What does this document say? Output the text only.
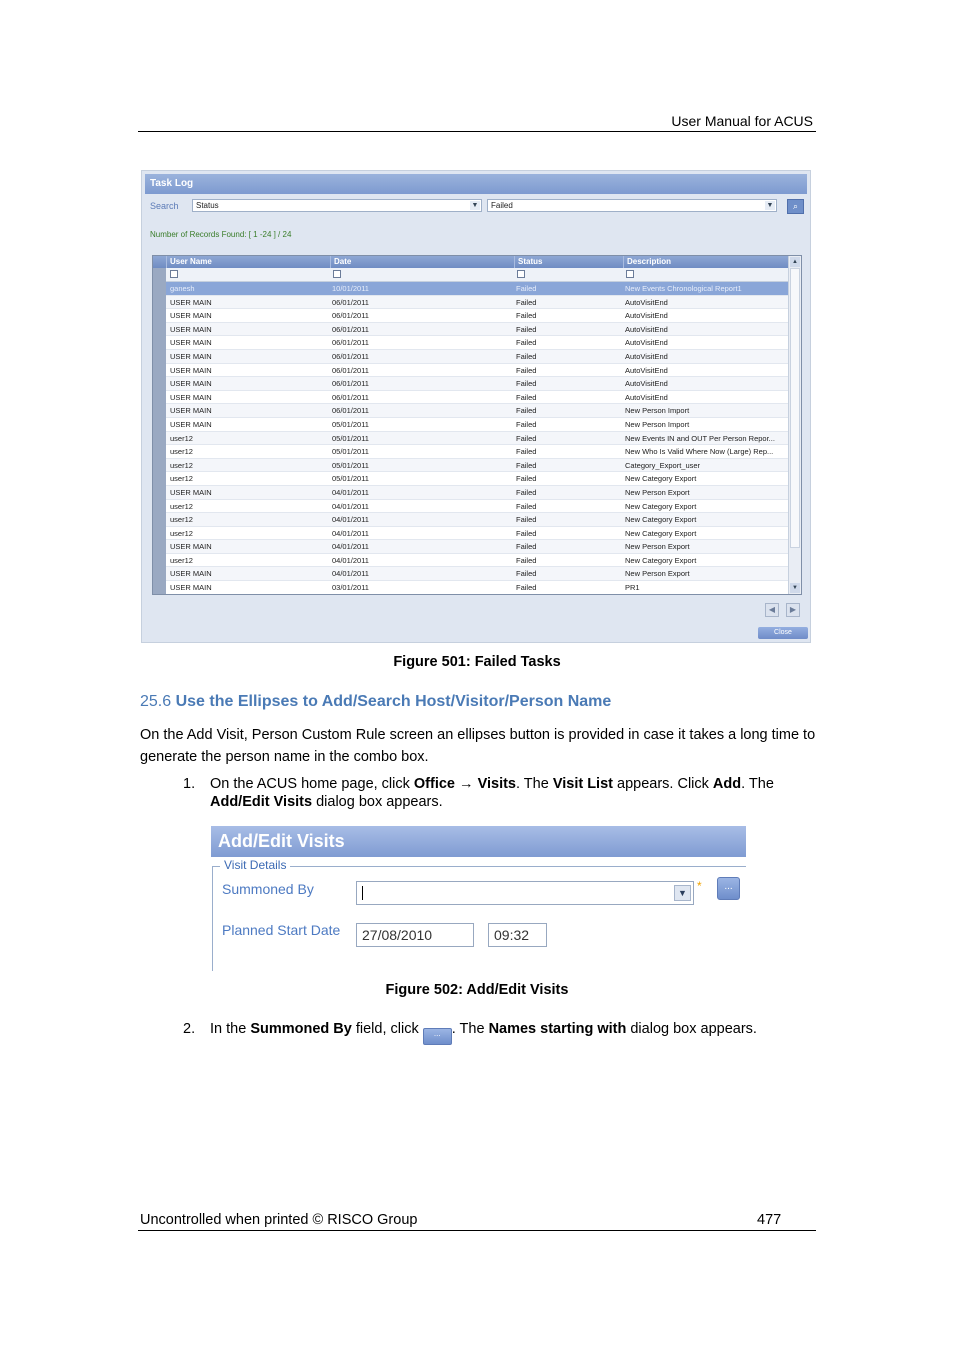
User Manual for ACUS
Task Log
Search	Status	▼	Failed	▼	⌕
Number of Records Found: [ 1 -24 ] / 24
User Name	Date	Status	Description
ganesh	10/01/2011	Failed	New Events Chronological Report1
USER MAIN	06/01/2011	Failed	AutoVisitEnd
USER MAIN	06/01/2011	Failed	AutoVisitEnd
USER MAIN	06/01/2011	Failed	AutoVisitEnd
USER MAIN	06/01/2011	Failed	AutoVisitEnd
USER MAIN	06/01/2011	Failed	AutoVisitEnd
USER MAIN	06/01/2011	Failed	AutoVisitEnd
USER MAIN	06/01/2011	Failed	AutoVisitEnd
USER MAIN	06/01/2011	Failed	AutoVisitEnd
USER MAIN	06/01/2011	Failed	New Person Import
USER MAIN	05/01/2011	Failed	New Person Import
user12	05/01/2011	Failed	New Events IN and OUT Per Person Repor...
user12	05/01/2011	Failed	New Who Is Valid Where Now (Large) Rep...
user12	05/01/2011	Failed	Category_Export_user
user12	05/01/2011	Failed	New Category Export
USER MAIN	04/01/2011	Failed	New Person Export
user12	04/01/2011	Failed	New Category Export
user12	04/01/2011	Failed	New Category Export
user12	04/01/2011	Failed	New Category Export
USER MAIN	04/01/2011	Failed	New Person Export
user12	04/01/2011	Failed	New Category Export
USER MAIN	04/01/2011	Failed	New Person Export
USER MAIN	03/01/2011	Failed	PR1
▲
▼
◀	▶
Close
Figure 501: Failed Tasks
25.6 Use the Ellipses to Add/Search Host/Visitor/Person Name
On the Add Visit, Person Custom Rule screen an ellipses button is provided in case it takes a long time to generate the person name in the combo box.
1. On the ACUS home page, click Office → Visits. The Visit List appears. Click Add. The Add/Edit Visits dialog box appears.
Add/Edit Visits
Visit Details
Summoned By	▼ *	...
Planned Start Date	27/08/2010	09:32
Figure 502: Add/Edit Visits
2. In the Summoned By field, click ... . The Names starting with dialog box appears.
Uncontrolled when printed © RISCO Group	477
